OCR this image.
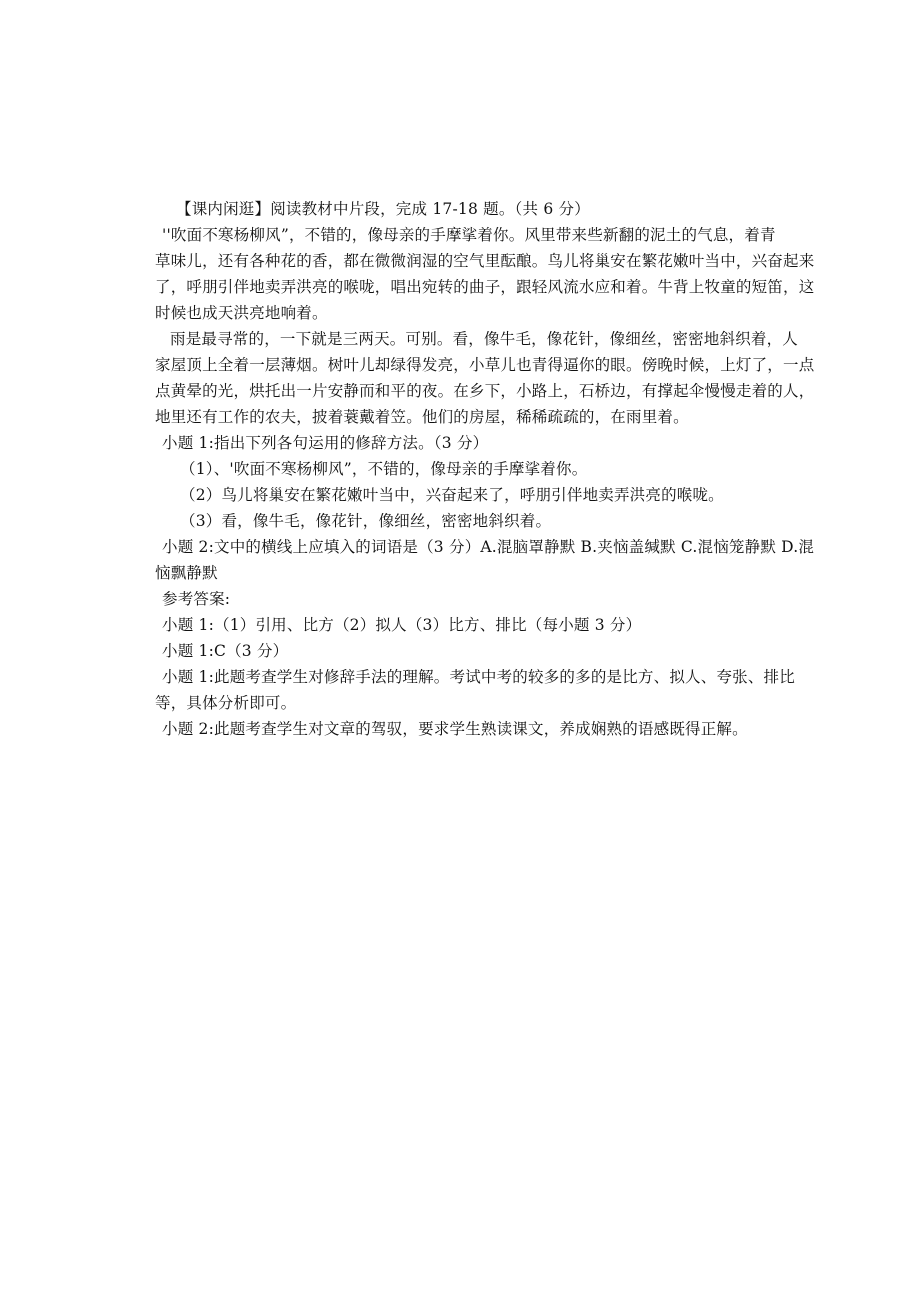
【课内闲逛】阅读教材中片段，完成 17-18 题。（共 6 分）
''吹面不寒杨柳风”，不错的，像母亲的手摩挲着你。风里带来些新翻的泥土的气息，着青
草味儿，还有各种花的香，都在微微润湿的空气里酝酿。鸟儿将巢安在繁花嫩叶当中，兴奋起来
了，呼朋引伴地卖弄洪亮的喉咙，唱出宛转的曲子，跟轻风流水应和着。牛背上牧童的短笛，这
时候也成天洪亮地响着。
雨是最寻常的，一下就是三两天。可别。看，像牛毛，像花针，像细丝，密密地斜织着，人
家屋顶上全着一层薄烟。树叶儿却绿得发亮，小草儿也青得逼你的眼。傍晚时候，上灯了，一点
点黄晕的光，烘托出一片安静而和平的夜。在乡下，小路上，石桥边，有撑起伞慢慢走着的人，
地里还有工作的农夫，披着蓑戴着笠。他们的房屋，稀稀疏疏的，在雨里着。
小题 1:指出下列各句运用的修辞方法。（3 分）
（1）、'吹面不寒杨柳风”，不错的，像母亲的手摩挲着你。
（2）鸟儿将巢安在繁花嫩叶当中，兴奋起来了，呼朋引伴地卖弄洪亮的喉咙。
（3）看，像牛毛，像花针，像细丝，密密地斜织着。
小题 2:文中的横线上应填入的词语是（3 分）A.混脑罩静默 B.夹恼盖缄默 C.混恼笼静默 D.混
恼飘静默
参考答案:
小题 1:（1）引用、比方（2）拟人（3）比方、排比（每小题 3 分）
小题 1:C（3 分）
小题 1:此题考查学生对修辞手法的理解。考试中考的较多的多的是比方、拟人、夸张、排比
等，具体分析即可。
小题 2:此题考查学生对文章的驾驭，要求学生熟读课文，养成娴熟的语感既得正解。
